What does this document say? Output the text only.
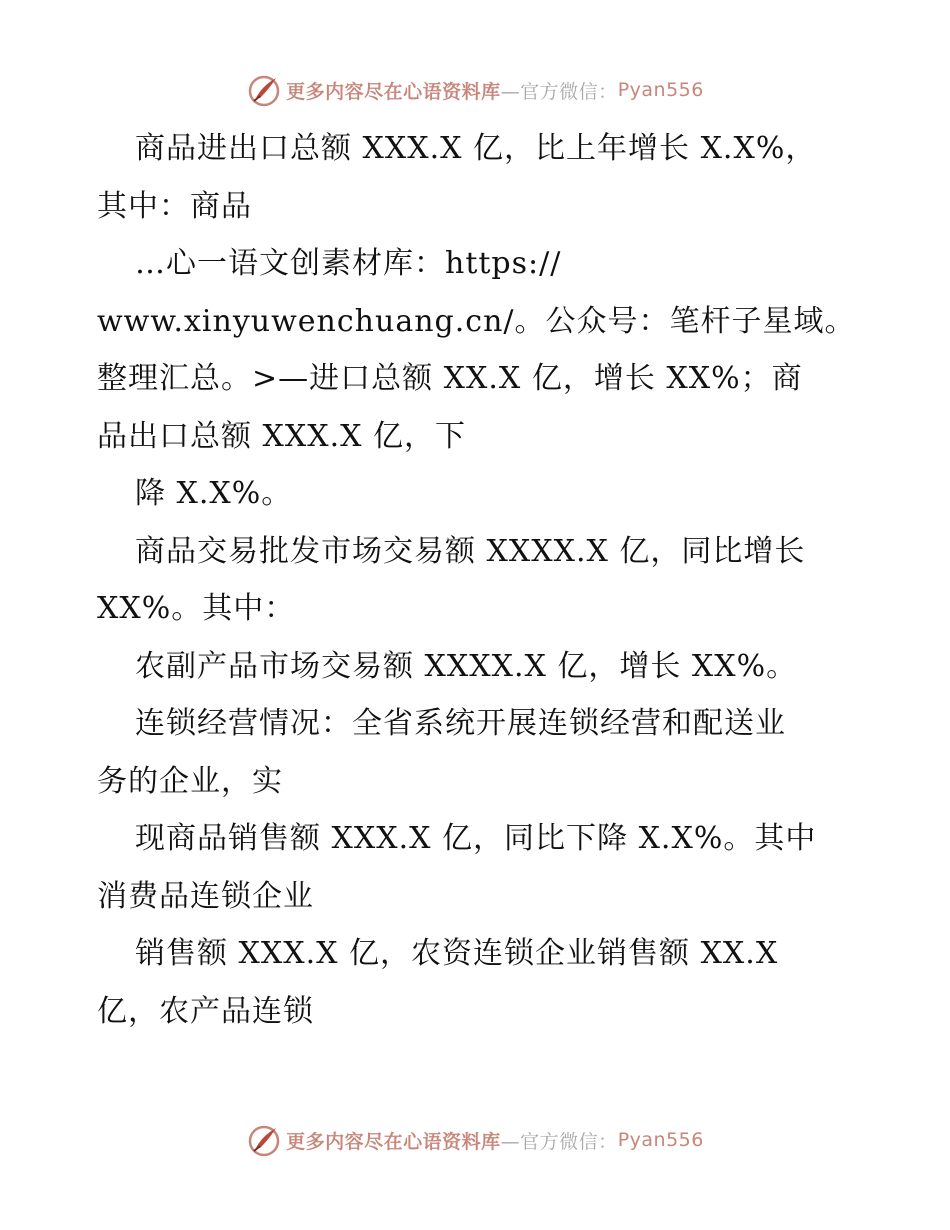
更多内容尽在心语资料库 —官方微信： Pyan556
商品进出口总额 XXX.X 亿，比上年增长 X.X%，
其中：商品
…心一语文创素材库：https://
www.xinyuwenchuang.cn/。公众号：笔杆子星域。
整理汇总。>—进口总额 XX.X 亿，增长 XX%；商
品出口总额 XXX.X 亿，下
降 X.X%。
商品交易批发市场交易额 XXXX.X 亿，同比增长
XX%。其中：
农副产品市场交易额 XXXX.X 亿，增长 XX%。
连锁经营情况：全省系统开展连锁经营和配送业
务的企业，实
现商品销售额 XXX.X 亿，同比下降 X.X%。其中
消费品连锁企业
销售额 XXX.X 亿，农资连锁企业销售额 XX.X
亿，农产品连锁
更多内容尽在心语资料库 —官方微信： Pyan556
